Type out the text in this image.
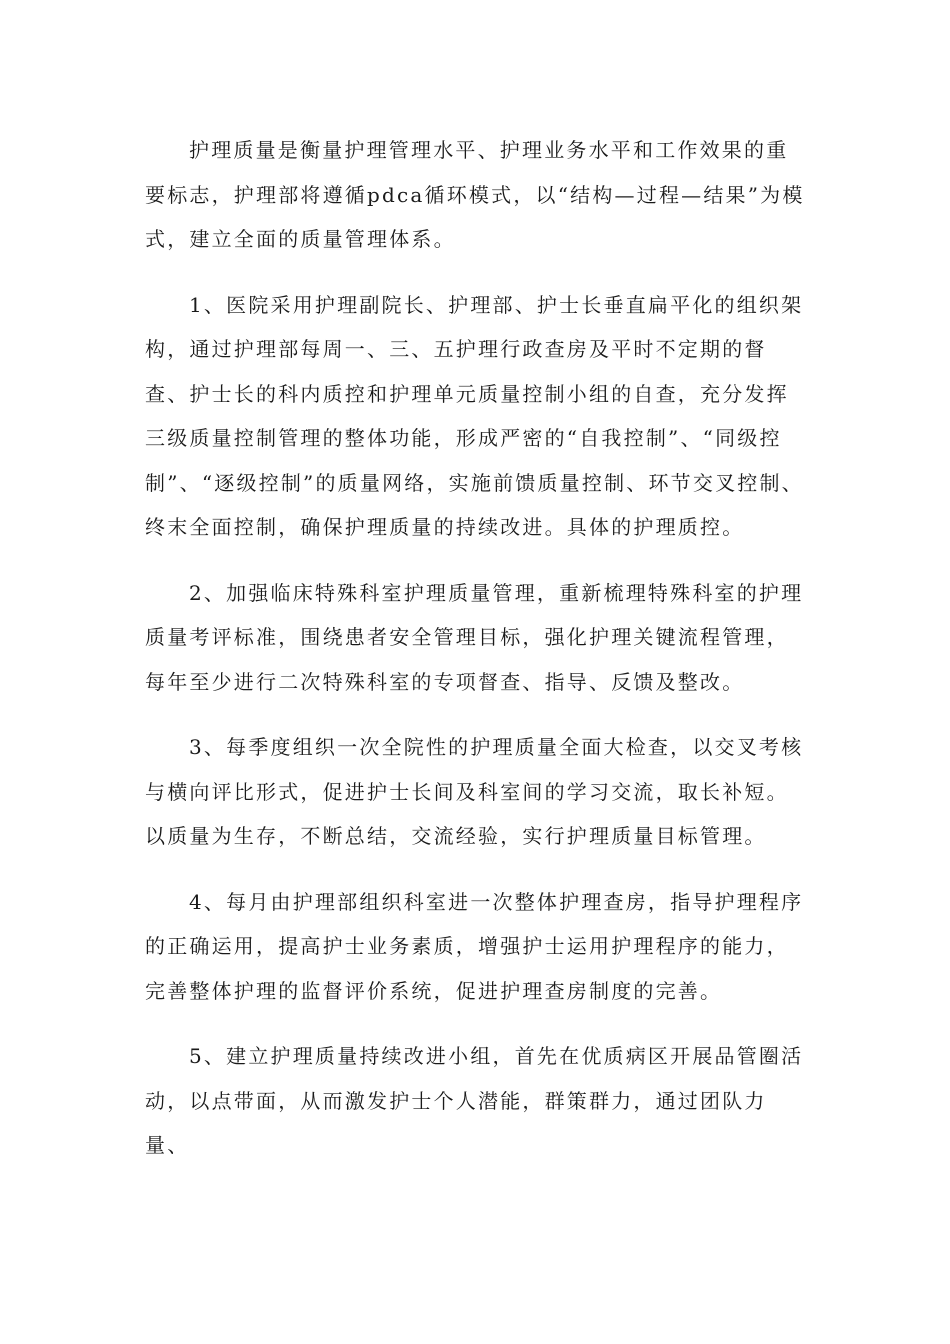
护理质量是衡量护理管理水平、护理业务水平和工作效果的重要标志，护理部将遵循pdca循环模式，以“结构—过程—结果”为模式，建立全面的质量管理体系。

1、医院采用护理副院长、护理部、护士长垂直扁平化的组织架构，通过护理部每周一、三、五护理行政查房及平时不定期的督查、护士长的科内质控和护理单元质量控制小组的自查，充分发挥三级质量控制管理的整体功能，形成严密的“自我控制”、“同级控制”、“逐级控制”的质量网络，实施前馈质量控制、环节交叉控制、终末全面控制，确保护理质量的持续改进。具体的护理质控。

2、加强临床特殊科室护理质量管理，重新梳理特殊科室的护理质量考评标准，围绕患者安全管理目标，强化护理关键流程管理，每年至少进行二次特殊科室的专项督查、指导、反馈及整改。

3、每季度组织一次全院性的护理质量全面大检查，以交叉考核与横向评比形式，促进护士长间及科室间的学习交流，取长补短。以质量为生存，不断总结，交流经验，实行护理质量目标管理。

4、每月由护理部组织科室进一次整体护理查房，指导护理程序的正确运用，提高护士业务素质，增强护士运用护理程序的能力，完善整体护理的监督评价系统，促进护理查房制度的完善。

5、建立护理质量持续改进小组，首先在优质病区开展品管圈活动，以点带面，从而激发护士个人潜能，群策群力，通过团队力量、
